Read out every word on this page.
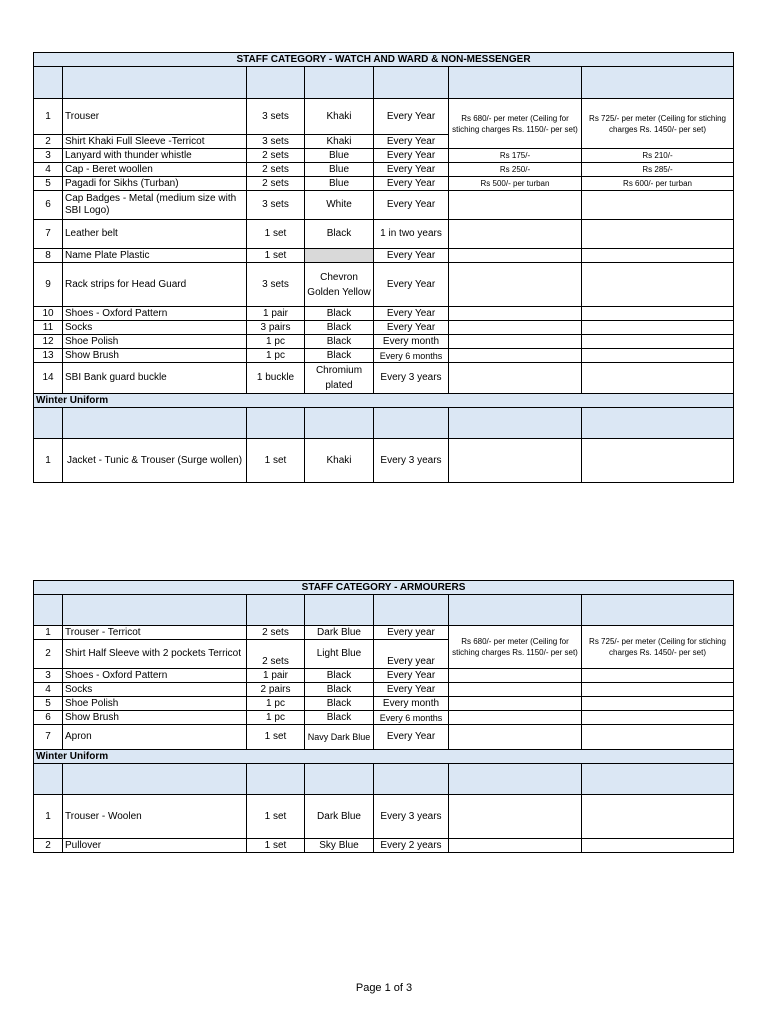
STAFF CATEGORY - WATCH AND WARD & NON-MESSENGER						

1	Trouser	3 sets	Khaki	Every Year	Rs 680/- per meter (Ceiling for stiching charges Rs. 1150/- per set)	Rs 725/- per meter (Ceiling for stiching charges Rs. 1450/- per set)
2	Shirt Khaki Full Sleeve -Terricot	3 sets	Khaki	Every Year		
3	Lanyard with thunder whistle	2 sets	Blue	Every Year	Rs 175/-	Rs 210/-
4	Cap - Beret woollen	2 sets	Blue	Every Year	Rs 250/-	Rs 285/-
5	Pagadi for Sikhs (Turban)	2 sets	Blue	Every Year	Rs 500/- per turban	Rs 600/- per turban
6	Cap Badges - Metal (medium size with SBI Logo)	3 sets	White	Every Year		
7	Leather belt	1 set	Black	1 in two years		
8	Name Plate Plastic	1 set		Every Year		
9	Rack strips for Head Guard	3 sets	Chevron Golden Yellow	Every Year		
10	Shoes - Oxford Pattern	1 pair	Black	Every Year		
11	Socks	3 pairs	Black	Every Year		
12	Shoe Polish	1 pc	Black	Every month		
13	Show Brush	1 pc	Black	Every 6 months		
14	SBI Bank guard buckle	1 buckle	Chromium plated	Every 3 years		
Winter Uniform						

1	Jacket - Tunic & Trouser (Surge wollen)	1 set	Khaki	Every 3 years		
STAFF CATEGORY - ARMOURERS						

1	Trouser - Terricot	2 sets	Dark Blue	Every year	Rs 680/- per meter (Ceiling for stiching charges Rs. 1150/- per set)	Rs 725/- per meter (Ceiling for stiching charges Rs. 1450/- per set)
2	Shirt Half Sleeve with 2 pockets Terricot	2 sets	Light Blue	Every year		
3	Shoes - Oxford Pattern	1 pair	Black	Every Year		
4	Socks	2 pairs	Black	Every Year		
5	Shoe Polish	1 pc	Black	Every month		
6	Show Brush	1 pc	Black	Every 6 months		
7	Apron	1 set	Navy Dark Blue	Every Year		
Winter Uniform						

1	Trouser - Woolen	1 set	Dark Blue	Every 3 years		
2	Pullover	1 set	Sky Blue	Every 2 years		
Page 1 of 3
